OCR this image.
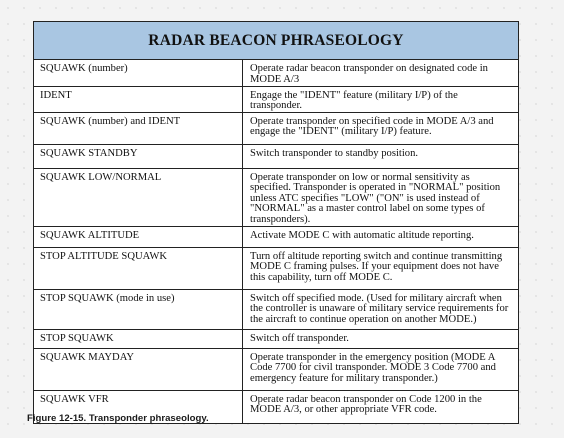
RADAR BEACON PHRASEOLOGY
SQUAWK (number)	Operate radar beacon transponder on designated code in MODE A/3
IDENT	Engage the "IDENT" feature (military I/P) of the transponder.
SQUAWK (number) and IDENT	Operate transponder on specified code in MODE A/3 and engage the "IDENT" (military I/P) feature.
SQUAWK STANDBY	Switch transponder to standby position.
SQUAWK LOW/NORMAL	Operate transponder on low or normal sensitivity as specified. Transponder is operated in "NORMAL" position unless ATC specifies "LOW" ("ON" is used instead of "NORMAL" as a master control label on some types of transponders).
SQUAWK ALTITUDE	Activate MODE C with automatic altitude reporting.
STOP ALTITUDE SQUAWK	Turn off altitude reporting switch and continue transmitting MODE C framing pulses. If your equipment does not have this capability, turn off MODE C.
STOP SQUAWK (mode in use)	Switch off specified mode. (Used for military aircraft when the controller is unaware of military service requirements for the aircraft to continue operation on another MODE.)
STOP SQUAWK	Switch off transponder.
SQUAWK MAYDAY	Operate transponder in the emergency position (MODE A Code 7700 for civil transponder. MODE 3 Code 7700 and emergency feature for military transponder.)
SQUAWK VFR	Operate radar beacon transponder on Code 1200 in the MODE A/3, or other appropriate VFR code.
Figure 12-15. Transponder phraseology.
